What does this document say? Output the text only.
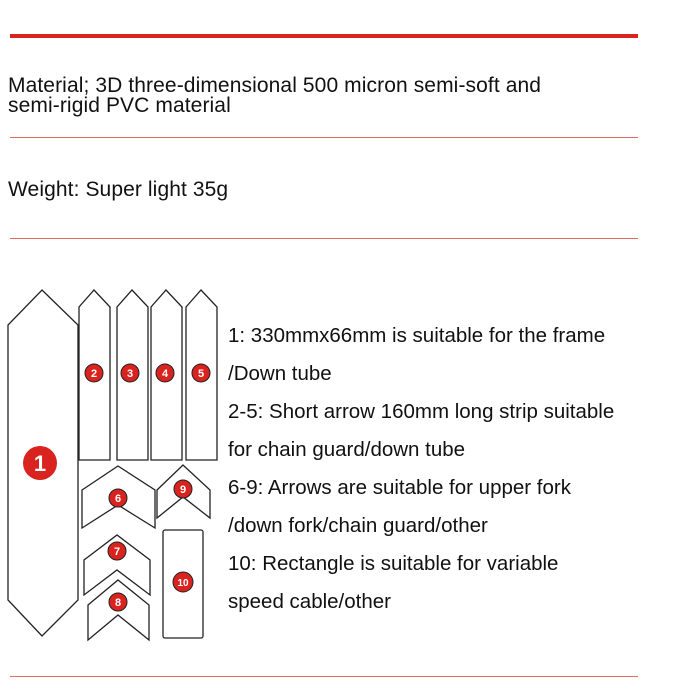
Material; 3D three-dimensional 500 micron semi-soft and
semi-rigid PVC material
Weight: Super light 35g
1
2	3	4	5
6
7
8
9
10
1: 330mmx66mm is suitable for the frame
/Down tube
2-5: Short arrow 160mm long strip suitable
for chain guard/down tube
6-9: Arrows are suitable for upper fork
/down fork/chain guard/other
10: Rectangle is suitable for variable
speed cable/other
